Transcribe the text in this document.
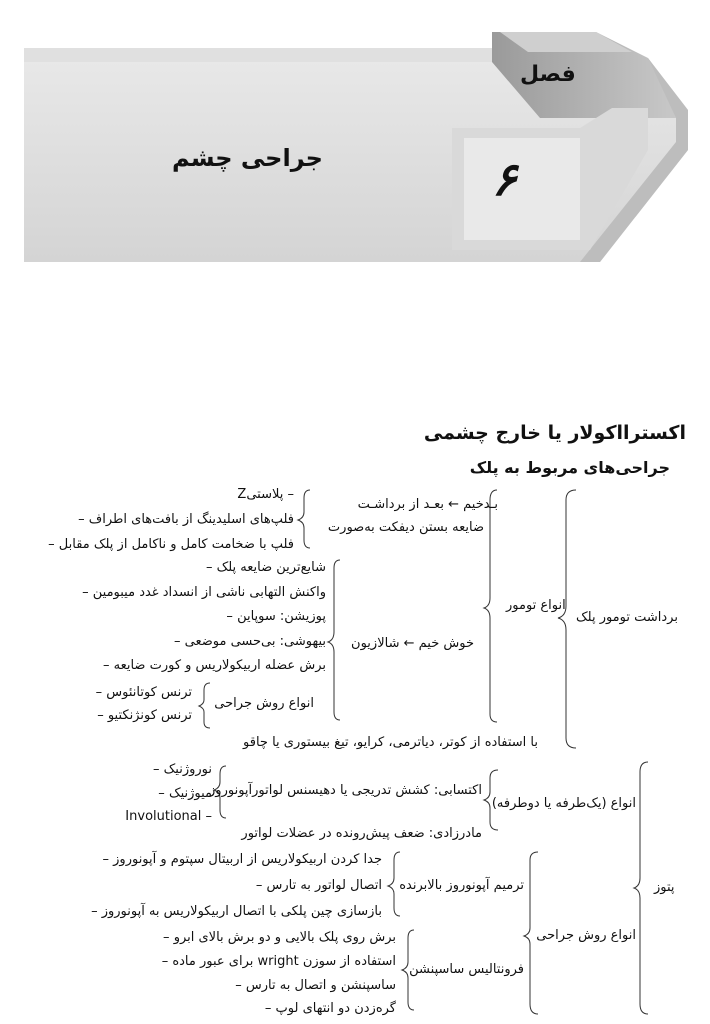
فصل
۶
جراحی چشم
اکسترااکولار یا خارج چشمی
جراحی‌های مربوط به پلک
برداشت تومور پلک
انواع تومور
بـدخیم ← بعـد از برداشـت
ضایعه بستن دیفکت به‌صورت
Zپلاستی –
فلپ‌های اسلیدینگ از بافت‌های اطراف –
فلپ با ضخامت کامل و ناکامل از پلک مقابل –
خوش خیم ← شالازیون
شایع‌ترین ضایعه پلک –
واکنش التهابی ناشی از انسداد غدد میبومین –
پوزیشن: سوپاین –
بیهوشی: بی‌حسی موضعی –
برش عضله اربیکولاریس و کورت ضایعه –
انواع روش جراحی
ترنس کوتانئوس –
ترنس کونژنکتیو –
با استفاده از کوتر، دیاترمی، کرایو، تیغ بیستوری یا چاقو
پتوز
انواع (یک‌طرفه یا دوطرفه)
اکتسابی: کشش تدریجی یا دهیسنس لواتورآپونوروز
نوروژنیک –
میوژنیک –
Involutional –
مادرزادی: ضعف پیش‌رونده در عضلات لواتور
انواع روش جراحی
ترمیم آپونوروز بالابرنده
جدا کردن اربیکولاریس از اربیتال سپتوم و آپونوروز –
اتصال لواتور به تارس –
بازسازی چین پلکی با اتصال اربیکولاریس به آپونوروز –
فرونتالیس ساسپنشن
برش روی پلک بالایی و دو برش بالای ابرو –
استفاده از سوزن wright برای عبور ماده –
ساسپنشن و اتصال به تارس –
گره‌زدن دو انتهای لوپ –
